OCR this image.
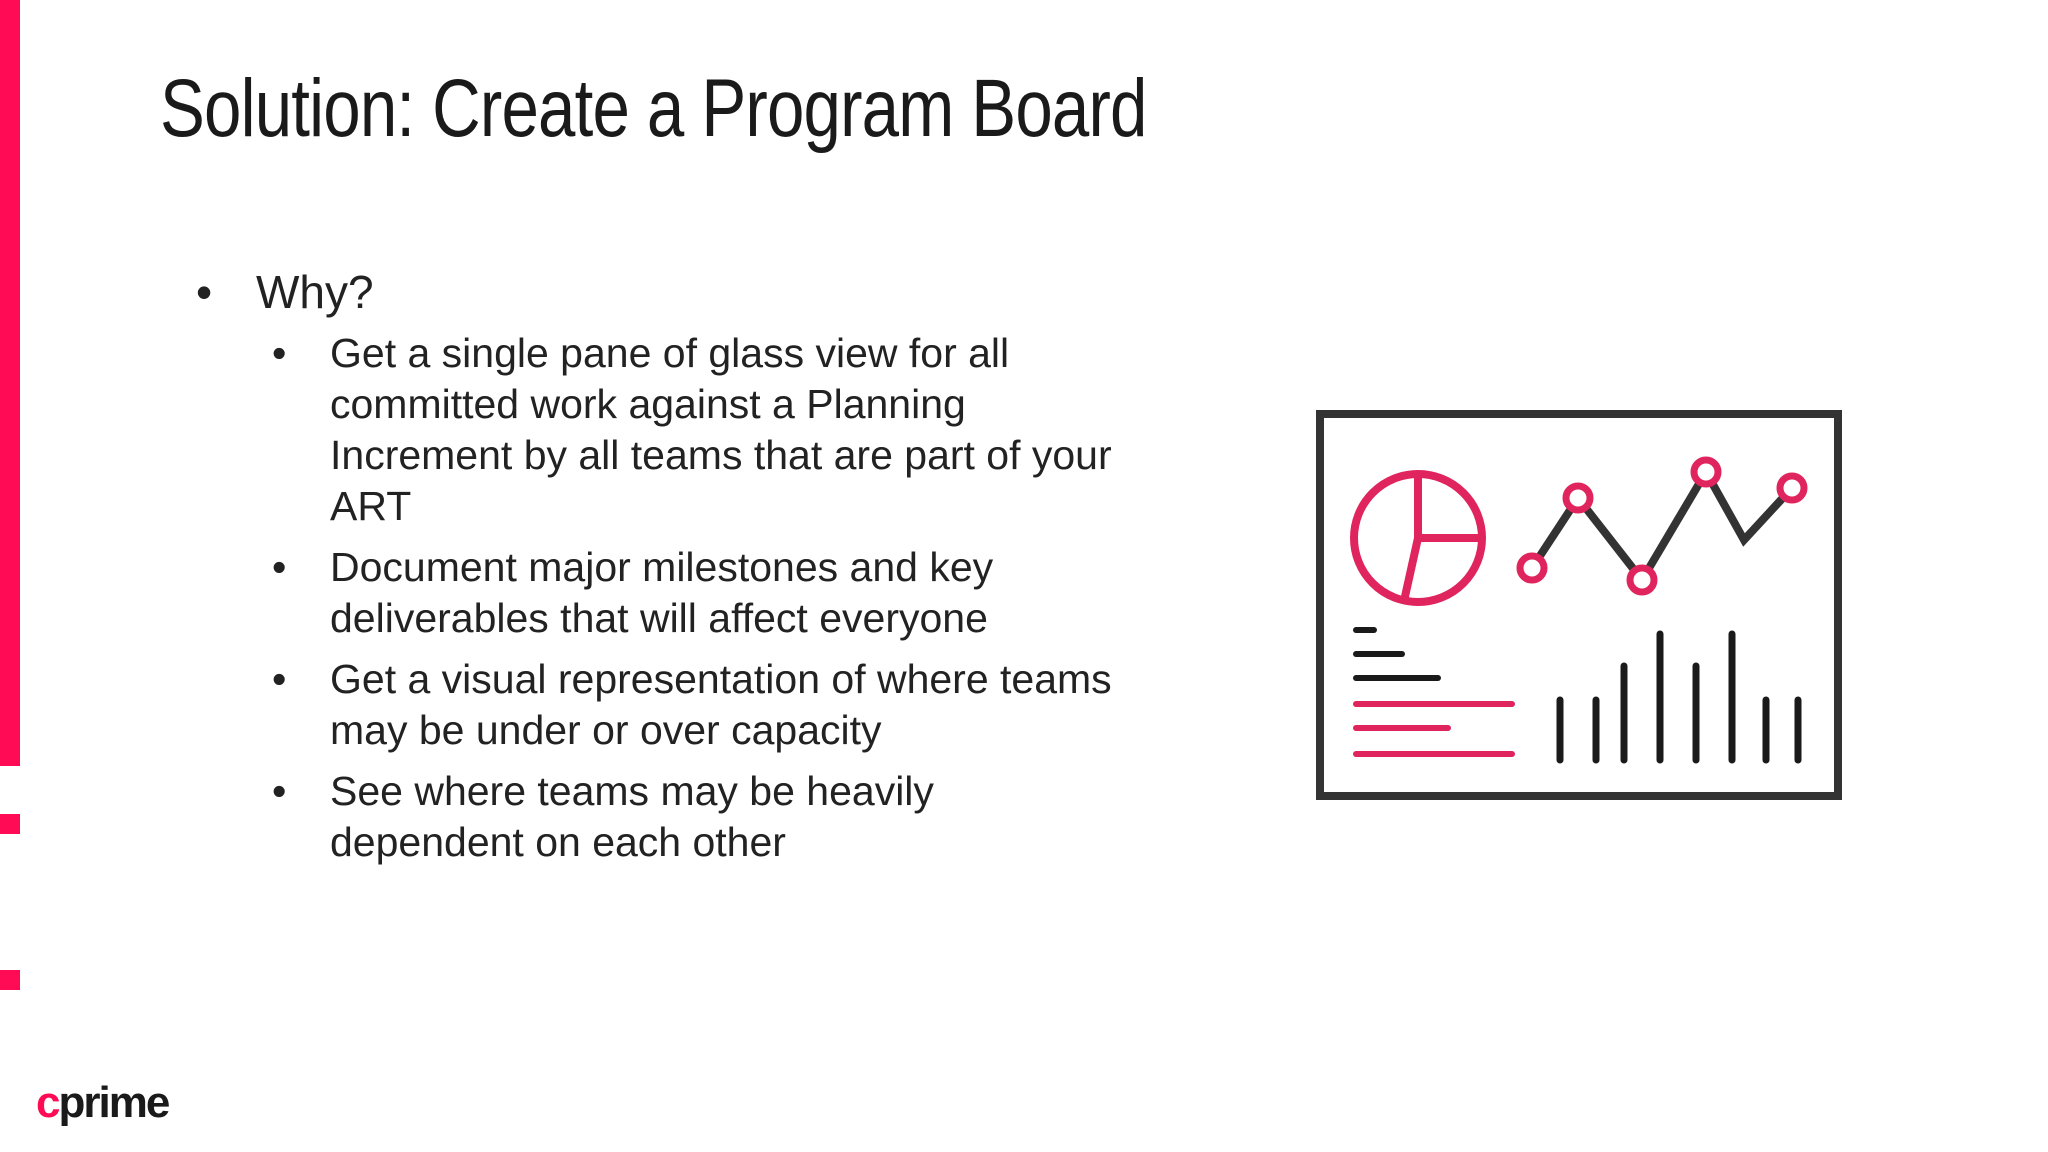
Solution: Create a Program Board
• Why?
• Get a single pane of glass view for all committed work against a Planning Increment by all teams that are part of your ART
• Document major milestones and key deliverables that will affect everyone
• Get a visual representation of where teams may be under or over capacity
• See where teams may be heavily dependent on each other
cprime
